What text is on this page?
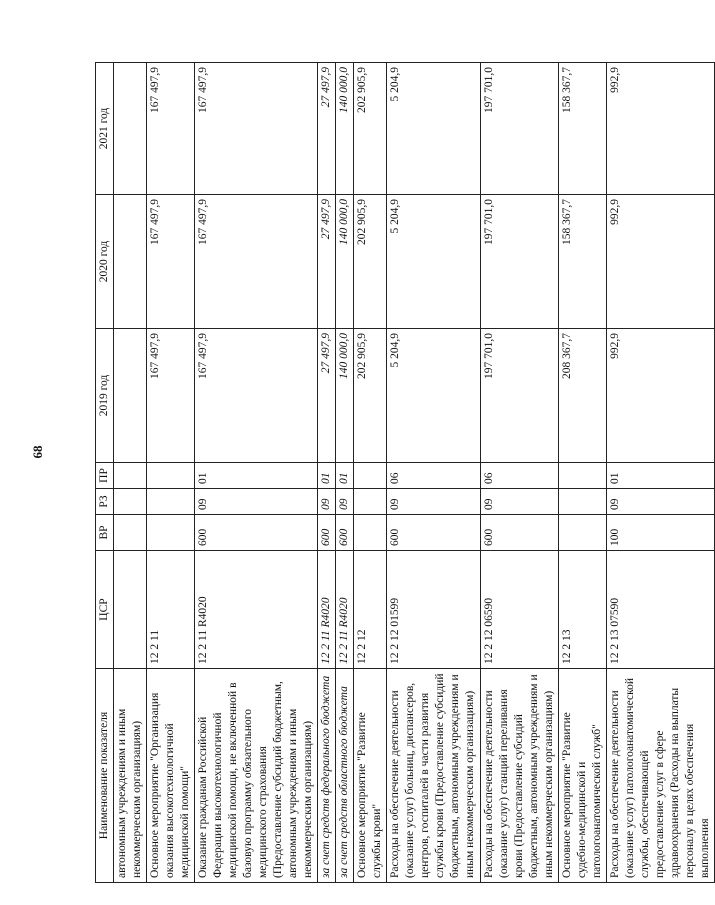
68
Наименование показателя	ЦСР	ВР	РЗ	ПР	2019 год	2020 год	2021 год
автономным учреждениям и иным некоммерческим организациям)							
Основное мероприятие "Организация оказания высокотехнологичной медицинской помощи"	12 2 11				167 497,9	167 497,9	167 497,9
Оказание гражданам Российской Федерации высокотехнологичной медицинской помощи, не включенной в базовую программу обязательного медицинского страхования (Предоставление субсидий бюджетным, автономным учреждениям и иным некоммерческим организациям)	12 2 11 R4020	600	09	01	167 497,9	167 497,9	167 497,9
за счет средств федерального бюджета	12 2 11 R4020	600	09	01	27 497,9	27 497,9	27 497,9
за счет средств областного бюджета	12 2 11 R4020	600	09	01	140 000,0	140 000,0	140 000,0
Основное мероприятие "Развитие службы крови"	12 2 12				202 905,9	202 905,9	202 905,9
Расходы на обеспечение деятельности (оказание услуг) больниц, диспансеров, центров, госпиталей в части развития службы крови (Предоставление субсидий бюджетным, автономным учреждениям и иным некоммерческим организациям)	12 2 12 01599	600	09	06	5 204,9	5 204,9	5 204,9
Расходы на обеспечение деятельности (оказание услуг) станций переливания крови (Предоставление субсидий бюджетным, автономным учреждениям и иным некоммерческим организациям)	12 2 12 06590	600	09	06	197 701,0	197 701,0	197 701,0
Основное мероприятие "Развитие судебно-медицинской и патологоанатомической служб"	12 2 13				208 367,7	158 367,7	158 367,7
Расходы на обеспечение деятельности (оказание услуг) патологоанатомической службы, обеспечивающей предоставление услуг в сфере здравоохранения (Расходы на выплаты персоналу в целях обеспечения выполнения	12 2 13 07590	100	09	01	992,9	992,9	992,9
